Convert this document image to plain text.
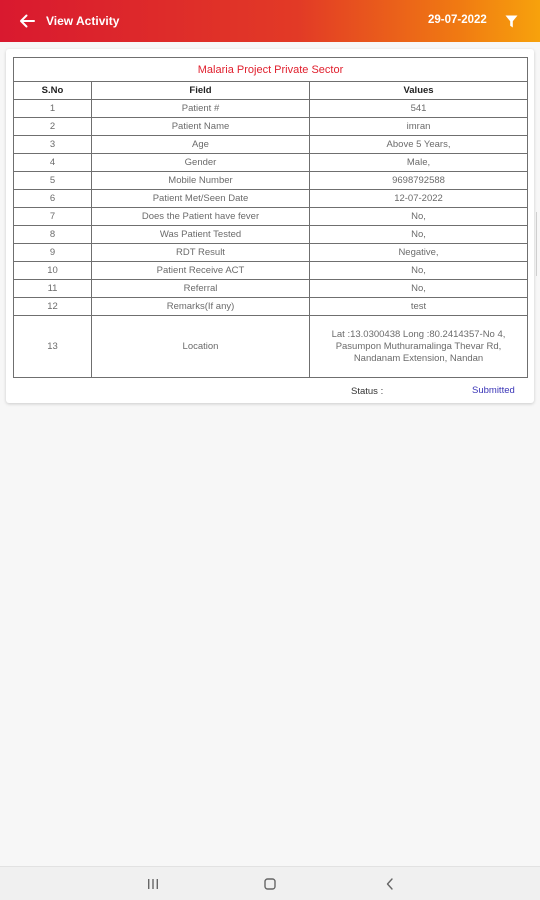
View Activity	29-07-2022
Malaria Project Private Sector		
S.No	Field	Values
1	Patient #	541
2	Patient Name	imran
3	Age	Above 5 Years,
4	Gender	Male,
5	Mobile Number	9698792588
6	Patient Met/Seen Date	12-07-2022
7	Does the Patient have fever	No,
8	Was Patient Tested	No,
9	RDT Result	Negative,
10	Patient Receive ACT	No,
11	Referral	No,
12	Remarks(If any)	test
13	Location	Lat :13.0300438 Long :80.2414357-No 4, Pasumpon Muthuramalinga Thevar Rd, Nandanam Extension, Nandan
Status :	Submitted
